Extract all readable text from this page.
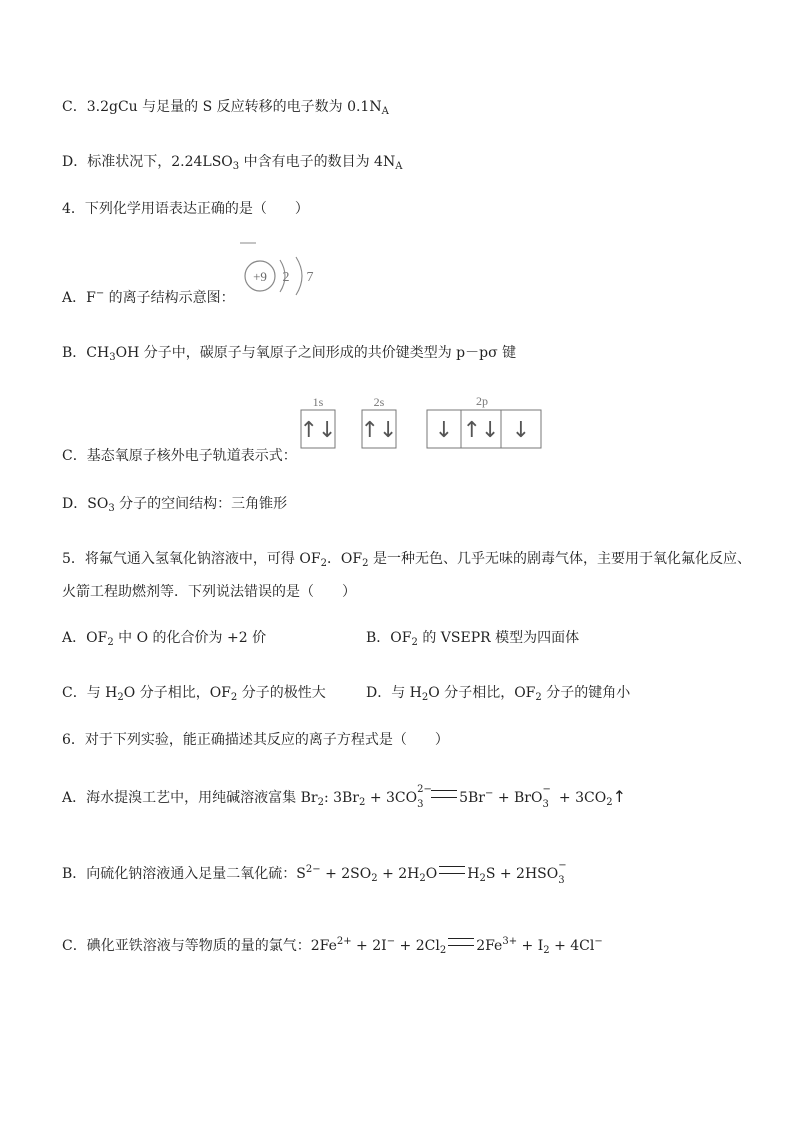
C．3.2gCu 与足量的 S 反应转移的电子数为 $0.1N_A$
D．标准状况下，$2.24LSO_3$ 中含有电子的数目为 $4N_A$
4．下列化学用语表达正确的是（　　）
+9 2 7
A．F− 的离子结构示意图：
B．$CH_3OH$ 分子中，碳原子与氧原子之间形成的共价键类型为 p－pσ 键
1s	2s	2p
↑↓ ↑↓ ↓ ↑↓ ↓
C．基态氧原子核外电子轨道表示式：
D．$SO_3$ 分子的空间结构：三角锥形
5．将氟气通入氢氧化钠溶液中，可得 $OF_2$．$OF_2$ 是一种无色、几乎无味的剧毒气体，主要用于氧化氟化反应、
火箭工程助燃剂等．下列说法错误的是（　　）
A．$OF_2$ 中 O 的化合价为 +2 价	B．$OF_2$ 的 VSEPR 模型为四面体
C．与 $H_2O$ 分子相比，$OF_2$ 分子的极性大	D．与 $H_2O$ 分子相比，$OF_2$ 分子的键角小
6．对于下列实验，能正确描述其反应的离子方程式是（　　）
A．海水提溴工艺中，用纯碱溶液富集 $Br_2$: $3Br_2 + 3CO$
2−
3	5Br− + BrO
−
$3 + 3CO_2↑$
B．向硫化钠溶液通入足量二氧化硫：$S^{2-} + 2SO_2 + 2H_2O$ $H_2S + 2HSO$
−
3
C．碘化亚铁溶液与等物质的量的氯气：$2Fe^{2+} + 2I^- + 2Cl_2$ $2Fe^{3+} + I_2 + 4Cl^-$
